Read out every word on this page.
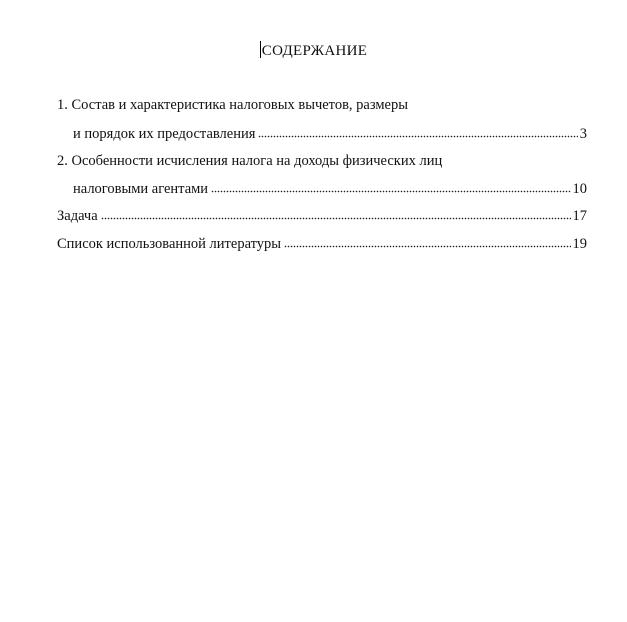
СОДЕРЖАНИЕ
1. Состав и характеристика налоговых вычетов, размеры
и порядок их предоставления	3
2. Особенности исчисления налога на доходы физических лиц
налоговыми агентами	10
Задача	17
Список использованной литературы	19
